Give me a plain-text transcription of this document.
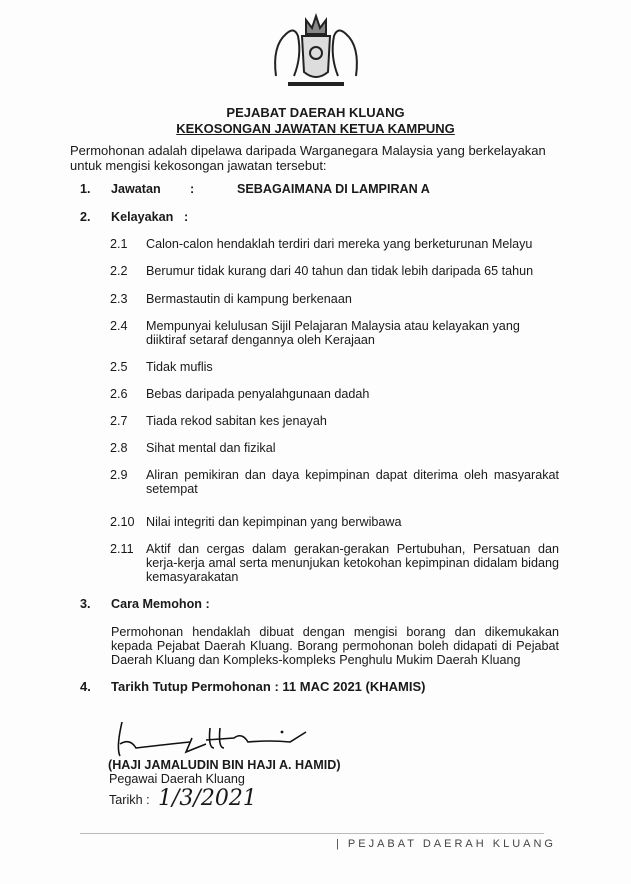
PEJABAT DAERAH KLUANG
KEKOSONGAN JAWATAN KETUA KAMPUNG
Permohonan adalah dipelawa daripada Warganegara Malaysia yang berkelayakan untuk mengisi kekosongan jawatan tersebut:
1. Jawatan :	SEBAGAIMANA DI LAMPIRAN A
2. Kelayakan :
2.1 Calon-calon hendaklah terdiri dari mereka yang berketurunan Melayu
2.2 Berumur tidak kurang dari 40 tahun dan tidak lebih daripada 65 tahun
2.3 Bermastautin di kampung berkenaan
2.4 Mempunyai kelulusan Sijil Pelajaran Malaysia atau kelayakan yang diiktiraf setaraf dengannya oleh Kerajaan
2.5 Tidak muflis
2.6 Bebas daripada penyalahgunaan dadah
2.7 Tiada rekod sabitan kes jenayah
2.8 Sihat mental dan fizikal
2.9 Aliran pemikiran dan daya kepimpinan dapat diterima oleh masyarakat setempat
2.10 Nilai integriti dan kepimpinan yang berwibawa
2.11 Aktif dan cergas dalam gerakan-gerakan Pertubuhan, Persatuan dan kerja-kerja amal serta menunjukan ketokohan kepimpinan didalam bidang kemasyarakatan
3. Cara Memohon :
Permohonan hendaklah dibuat dengan mengisi borang dan dikemukakan kepada Pejabat Daerah Kluang. Borang permohonan boleh didapati di Pejabat Daerah Kluang dan Kompleks-kompleks Penghulu Mukim Daerah Kluang
4. Tarikh Tutup Permohonan : 11 MAC 2021 (KHAMIS)
(HAJI JAMALUDIN BIN HAJI A. HAMID)
Pegawai Daerah Kluang
Tarikh : 1/3/2021
| PEJABAT DAERAH KLUANG
